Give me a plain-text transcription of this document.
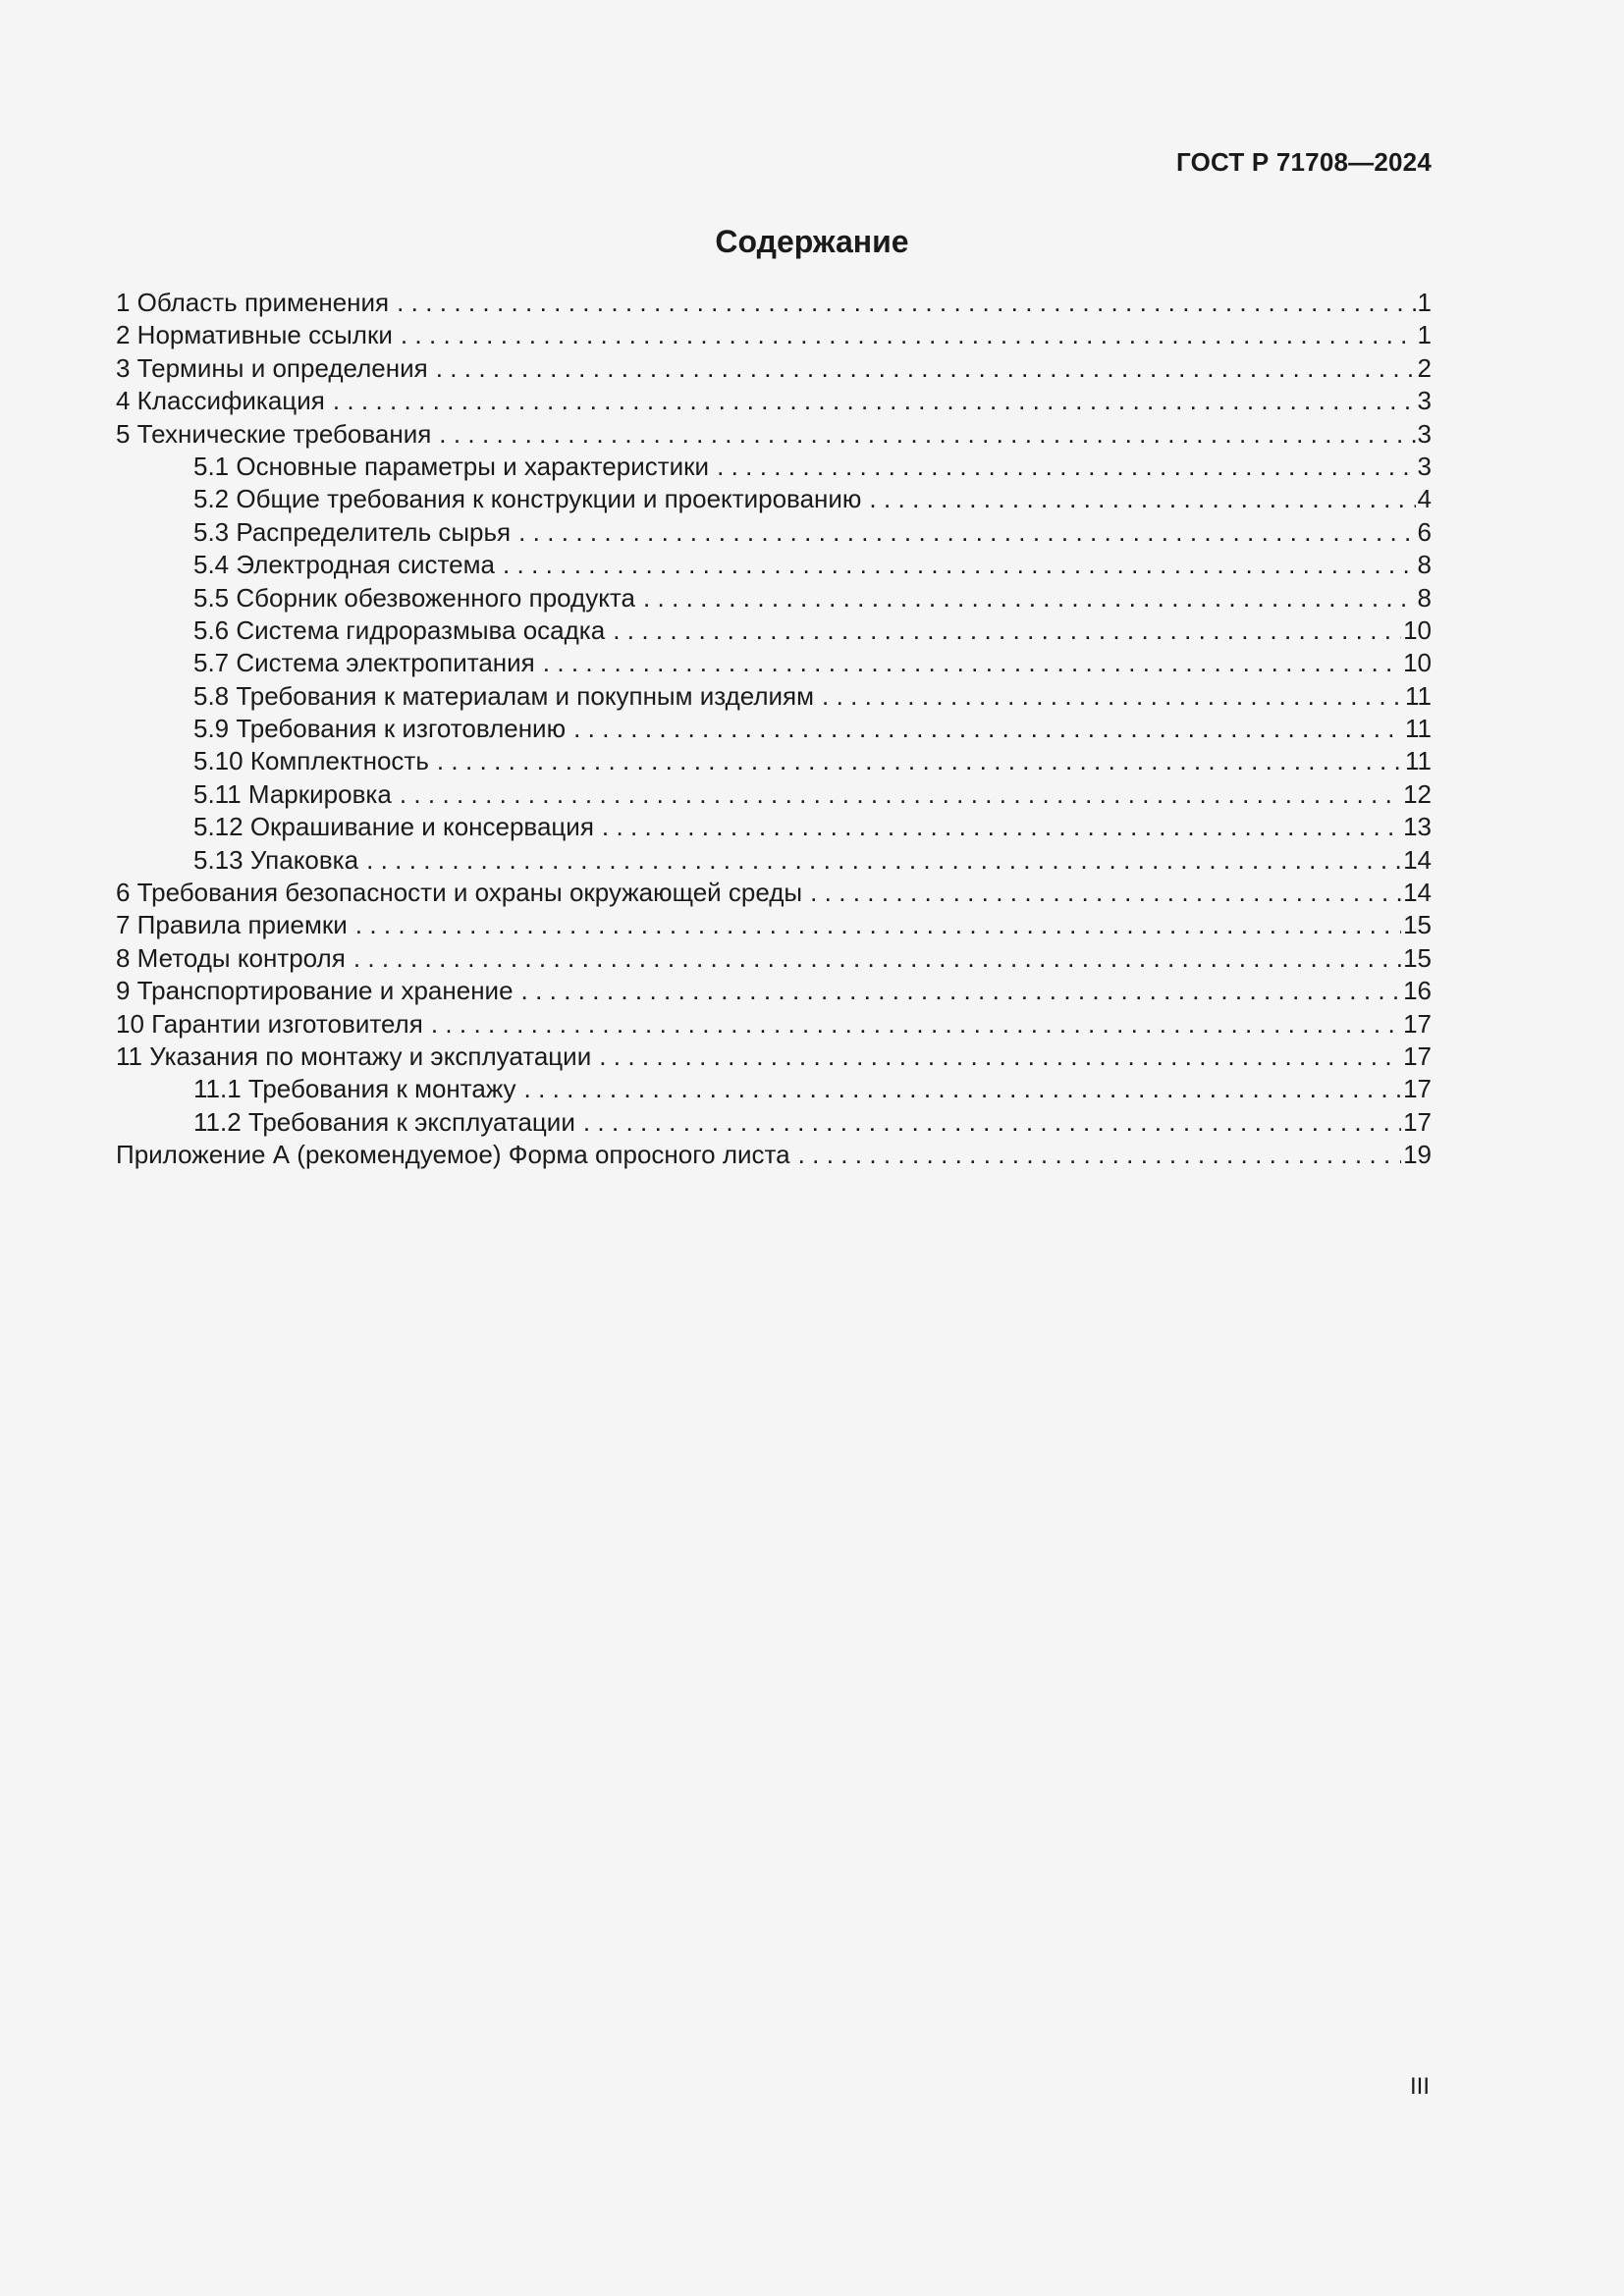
ГОСТ Р 71708—2024
Содержание
1 Область применения . . .	1
2 Нормативные ссылки . . .	1
3 Термины и определения . . .	2
4 Классификация . . .	3
5 Технические требования . . .	3
5.1 Основные параметры и характеристики . . .	3
5.2 Общие требования к конструкции и проектированию . . .	4
5.3 Распределитель сырья . . .	6
5.4 Электродная система . . .	8
5.5 Сборник обезвоженного продукта . . .	8
5.6 Система гидроразмыва осадка . . .	10
5.7 Система электропитания . . .	10
5.8 Требования к материалам и покупным изделиям . . .	11
5.9 Требования к изготовлению . . .	11
5.10 Комплектность . . .	11
5.11 Маркировка . . .	12
5.12 Окрашивание и консервация . . .	13
5.13 Упаковка . . .	14
6 Требования безопасности и охраны окружающей среды . . .	14
7 Правила приемки . . .	15
8 Методы контроля . . .	15
9 Транспортирование и хранение . . .	16
10 Гарантии изготовителя . . .	17
11 Указания по монтажу и эксплуатации . . .	17
11.1 Требования к монтажу . . .	17
11.2 Требования к эксплуатации . . .	17
Приложение А (рекомендуемое) Форма опросного листа . . .	19
III
